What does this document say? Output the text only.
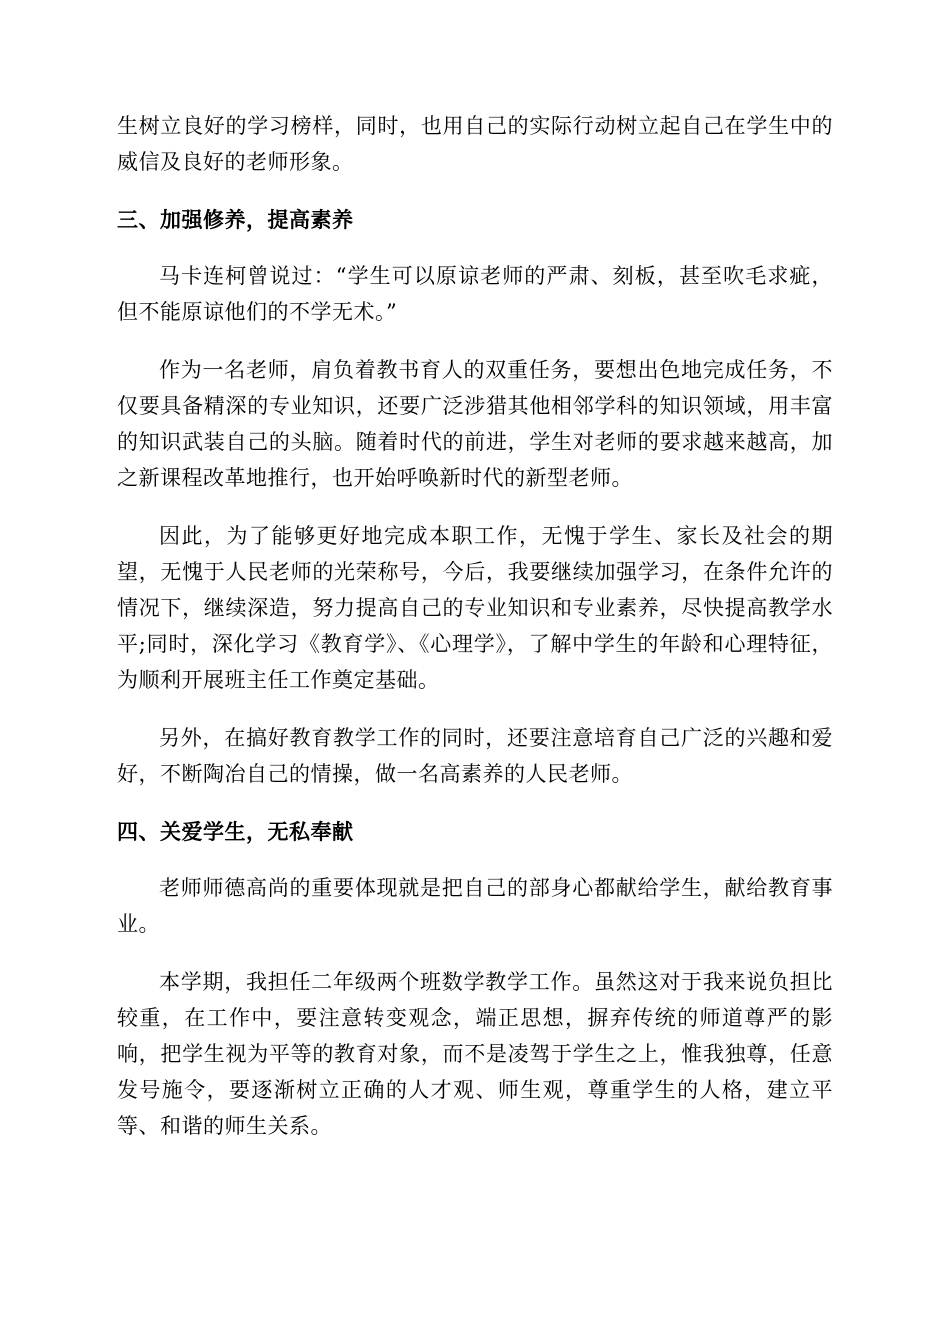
生树立良好的学习榜样，同时，也用自己的实际行动树立起自己在学生中的威信及良好的老师形象。

三、加强修养，提高素养

马卡连柯曾说过：“学生可以原谅老师的严肃、刻板，甚至吹毛求疵，但不能原谅他们的不学无术。”

作为一名老师，肩负着教书育人的双重任务，要想出色地完成任务，不仅要具备精深的专业知识，还要广泛涉猎其他相邻学科的知识领域，用丰富的知识武装自己的头脑。随着时代的前进，学生对老师的要求越来越高，加之新课程改革地推行，也开始呼唤新时代的新型老师。

因此，为了能够更好地完成本职工作，无愧于学生、家长及社会的期望，无愧于人民老师的光荣称号，今后，我要继续加强学习，在条件允许的情况下，继续深造，努力提高自己的专业知识和专业素养，尽快提高教学水平;同时，深化学习《教育学》、《心理学》，了解中学生的年龄和心理特征，为顺利开展班主任工作奠定基础。

另外，在搞好教育教学工作的同时，还要注意培育自己广泛的兴趣和爱好，不断陶冶自己的情操，做一名高素养的人民老师。

四、关爱学生，无私奉献

老师师德高尚的重要体现就是把自己的部身心都献给学生，献给教育事业。

本学期，我担任二年级两个班数学教学工作。虽然这对于我来说负担比较重，在工作中，要注意转变观念，端正思想，摒弃传统的师道尊严的影响，把学生视为平等的教育对象，而不是凌驾于学生之上，惟我独尊，任意发号施令，要逐渐树立正确的人才观、师生观，尊重学生的人格，建立平等、和谐的师生关系。
